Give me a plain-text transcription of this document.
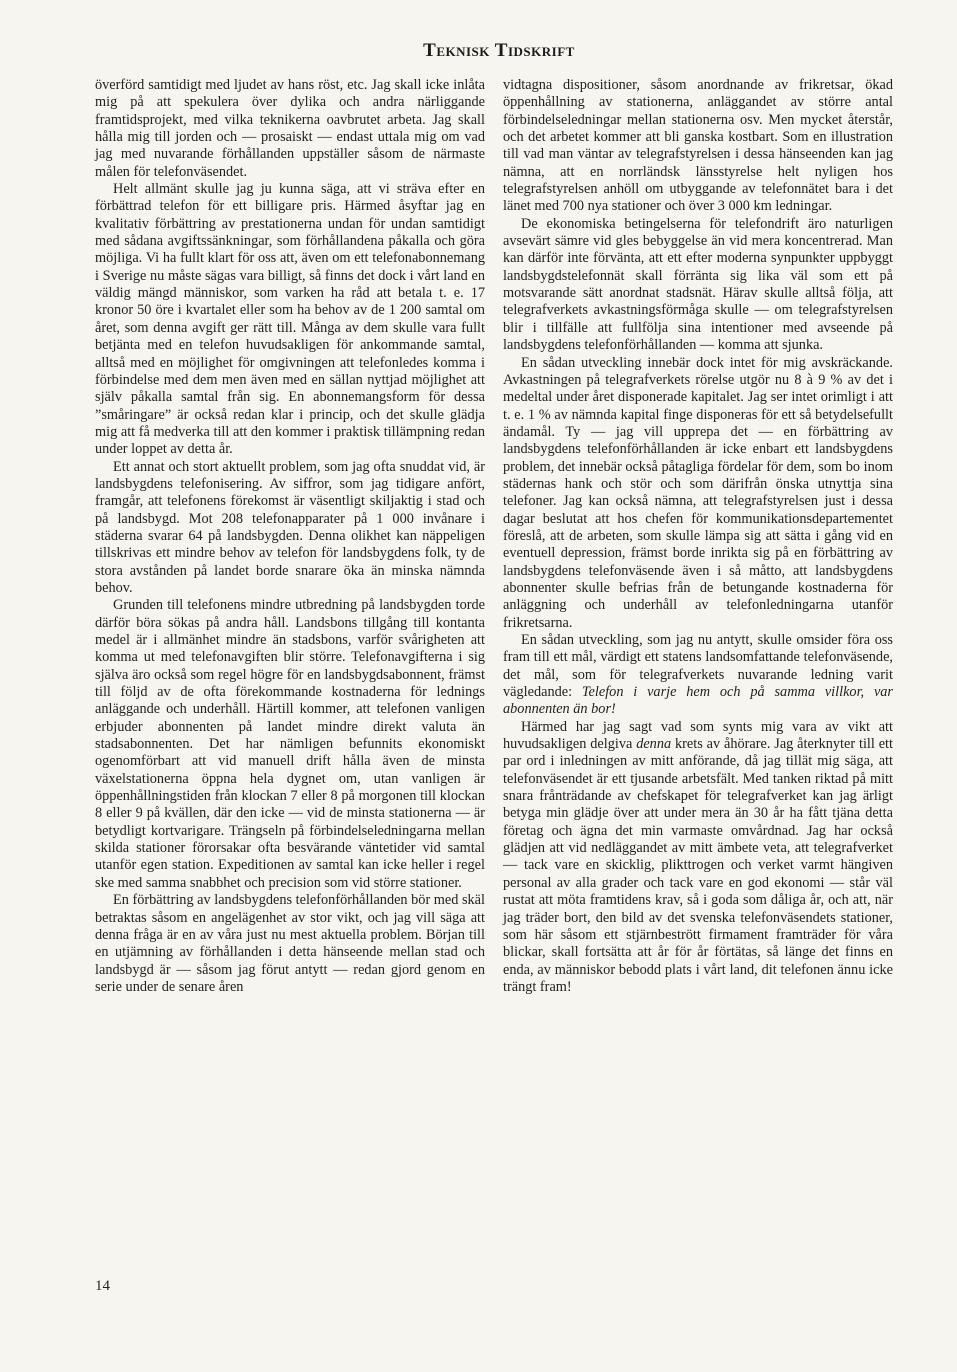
Teknisk Tidskrift

överförd samtidigt med ljudet av hans röst, etc. Jag skall icke inlåta mig på att spekulera över dylika och andra närliggande framtidsprojekt, med vilka teknikerna oavbrutet arbeta. Jag skall hålla mig till jorden och — prosaiskt — endast uttala mig om vad jag med nuvarande förhållanden uppställer såsom de närmaste målen för telefonväsendet.

Helt allmänt skulle jag ju kunna säga, att vi sträva efter en förbättrad telefon för ett billigare pris. Härmed åsyftar jag en kvalitativ förbättring av prestationerna undan för undan samtidigt med sådana avgiftssänkningar, som förhållandena påkalla och göra möjliga. Vi ha fullt klart för oss att, även om ett telefonabonnemang i Sverige nu måste sägas vara billigt, så finns det dock i vårt land en väldig mängd människor, som varken ha råd att betala t. e. 17 kronor 50 öre i kvartalet eller som ha behov av de 1 200 samtal om året, som denna avgift ger rätt till. Många av dem skulle vara fullt betjänta med en telefon huvudsakligen för ankommande samtal, alltså med en möjlighet för omgivningen att telefonledes komma i förbindelse med dem men även med en sällan nyttjad möjlighet att själv påkalla samtal från sig. En abonnemangsform för dessa ”småringare” är också redan klar i princip, och det skulle glädja mig att få medverka till att den kommer i praktisk tillämpning redan under loppet av detta år.

Ett annat och stort aktuellt problem, som jag ofta snuddat vid, är landsbygdens telefonisering. Av siffror, som jag tidigare anfört, framgår, att telefonens förekomst är väsentligt skiljaktig i stad och på landsbygd. Mot 208 telefonapparater på 1 000 invånare i städerna svarar 64 på landsbygden. Denna olikhet kan näppeligen tillskrivas ett mindre behov av telefon för landsbygdens folk, ty de stora avstånden på landet borde snarare öka än minska nämnda behov.

Grunden till telefonens mindre utbredning på landsbygden torde därför böra sökas på andra håll. Landsbons tillgång till kontanta medel är i allmänhet mindre än stadsbons, varför svårigheten att komma ut med telefonavgiften blir större. Telefonavgifterna i sig själva äro också som regel högre för en landsbygdsabonnent, främst till följd av de ofta förekommande kostnaderna för lednings anläggande och underhåll. Härtill kommer, att telefonen vanligen erbjuder abonnenten på landet mindre direkt valuta än stadsabonnenten. Det har nämligen befunnits ekonomiskt ogenomförbart att vid manuell drift hålla även de minsta växelstationerna öppna hela dygnet om, utan vanligen är öppenhållningstiden från klockan 7 eller 8 på morgonen till klockan 8 eller 9 på kvällen, där den icke — vid de minsta stationerna — är betydligt kortvarigare. Trängseln på förbindelseledningarna mellan skilda stationer förorsakar ofta besvärande väntetider vid samtal utanför egen station. Expeditionen av samtal kan icke heller i regel ske med samma snabbhet och precision som vid större stationer.

En förbättring av landsbygdens telefonförhållanden bör med skäl betraktas såsom en angelägenhet av stor vikt, och jag vill säga att denna fråga är en av våra just nu mest aktuella problem. Början till en utjämning av förhållanden i detta hänseende mellan stad och landsbygd är — såsom jag förut antytt — redan gjord genom en serie under de senare åren

vidtagna dispositioner, såsom anordnande av frikretsar, ökad öppenhållning av stationerna, anläggandet av större antal förbindelseledningar mellan stationerna osv. Men mycket återstår, och det arbetet kommer att bli ganska kostbart. Som en illustration till vad man väntar av telegrafstyrelsen i dessa hänseenden kan jag nämna, att en norrländsk länsstyrelse helt nyligen hos telegrafstyrelsen anhöll om utbyggande av telefonnätet bara i det länet med 700 nya stationer och över 3 000 km ledningar.

De ekonomiska betingelserna för telefondrift äro naturligen avsevärt sämre vid gles bebyggelse än vid mera koncentrerad. Man kan därför inte förvänta, att ett efter moderna synpunkter uppbyggt landsbygdstelefonnät skall förränta sig lika väl som ett på motsvarande sätt anordnat stadsnät. Härav skulle alltså följa, att telegrafverkets avkastningsförmåga skulle — om telegrafstyrelsen blir i tillfälle att fullfölja sina intentioner med avseende på landsbygdens telefonförhållanden — komma att sjunka.

En sådan utveckling innebär dock intet för mig avskräckande. Avkastningen på telegrafverkets rörelse utgör nu 8 à 9 % av det i medeltal under året disponerade kapitalet. Jag ser intet orimligt i att t. e. 1 % av nämnda kapital finge disponeras för ett så betydelsefullt ändamål. Ty — jag vill upprepa det — en förbättring av landsbygdens telefonförhållanden är icke enbart ett landsbygdens problem, det innebär också påtagliga fördelar för dem, som bo inom städernas hank och stör och som därifrån önska utnyttja sina telefoner. Jag kan också nämna, att telegrafstyrelsen just i dessa dagar beslutat att hos chefen för kommunikationsdepartementet föreslå, att de arbeten, som skulle lämpa sig att sätta i gång vid en eventuell depression, främst borde inrikta sig på en förbättring av landsbygdens telefonväsende även i så måtto, att landsbygdens abonnenter skulle befrias från de betungande kostnaderna för anläggning och underhåll av telefonledningarna utanför frikretsarna.

En sådan utveckling, som jag nu antytt, skulle omsider föra oss fram till ett mål, värdigt ett statens landsomfattande telefonväsende, det mål, som för telegrafverkets nuvarande ledning varit vägledande: Telefon i varje hem och på samma villkor, var abonnenten än bor!

Härmed har jag sagt vad som synts mig vara av vikt att huvudsakligen delgiva denna krets av åhörare. Jag återknyter till ett par ord i inledningen av mitt anförande, då jag tillät mig säga, att telefonväsendet är ett tjusande arbetsfält. Med tanken riktad på mitt snara frånträdande av chefskapet för telegrafverket kan jag ärligt betyga min glädje över att under mera än 30 år ha fått tjäna detta företag och ägna det min varmaste omvårdnad. Jag har också glädjen att vid nedläggandet av mitt ämbete veta, att telegrafverket — tack vare en skicklig, plikttrogen och verket varmt hängiven personal av alla grader och tack vare en god ekonomi — står väl rustat att möta framtidens krav, så i goda som dåliga år, och att, när jag träder bort, den bild av det svenska telefonväsendets stationer, som här såsom ett stjärnbestrött firmament framträder för våra blickar, skall fortsätta att år för år förtätas, så länge det finns en enda, av människor bebodd plats i vårt land, dit telefonen ännu icke trängt fram!

14
